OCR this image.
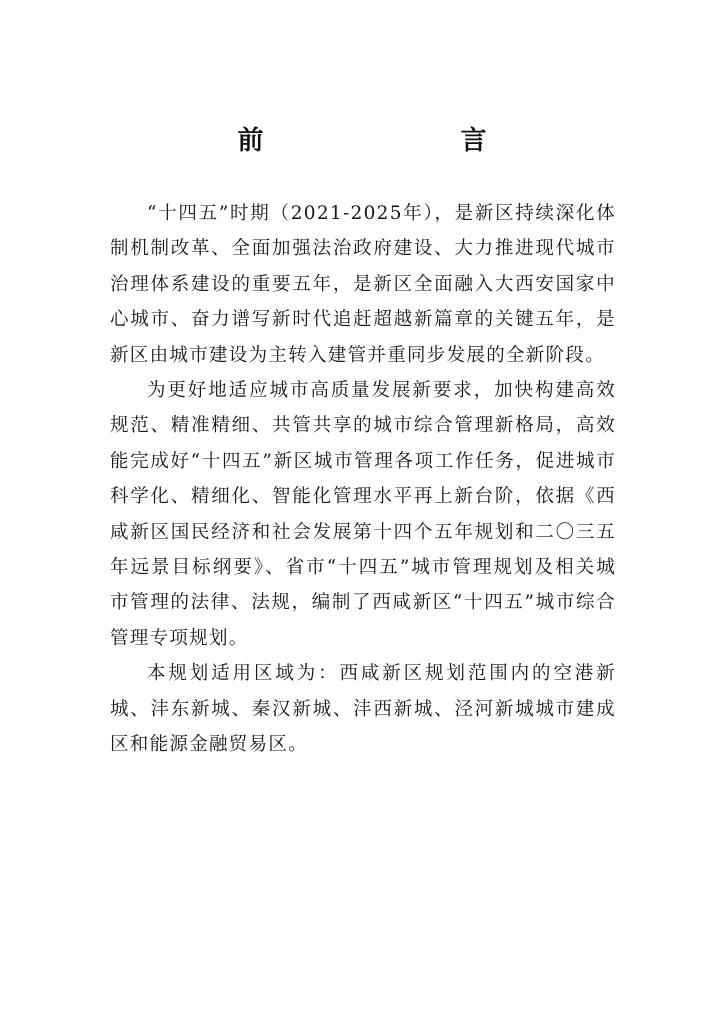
前 言

“十四五”时期（2021-2025年），是新区持续深化体制机制改革、全面加强法治政府建设、大力推进现代城市治理体系建设的重要五年，是新区全面融入大西安国家中心城市、奋力谱写新时代追赶超越新篇章的关键五年，是新区由城市建设为主转入建管并重同步发展的全新阶段。

为更好地适应城市高质量发展新要求，加快构建高效规范、精准精细、共管共享的城市综合管理新格局，高效能完成好“十四五”新区城市管理各项工作任务，促进城市科学化、精细化、智能化管理水平再上新台阶，依据《西咸新区国民经济和社会发展第十四个五年规划和二〇三五年远景目标纲要》、省市“十四五”城市管理规划及相关城市管理的法律、法规，编制了西咸新区“十四五”城市综合管理专项规划。

本规划适用区域为：西咸新区规划范围内的空港新城、沣东新城、秦汉新城、沣西新城、泾河新城城市建成区和能源金融贸易区。
